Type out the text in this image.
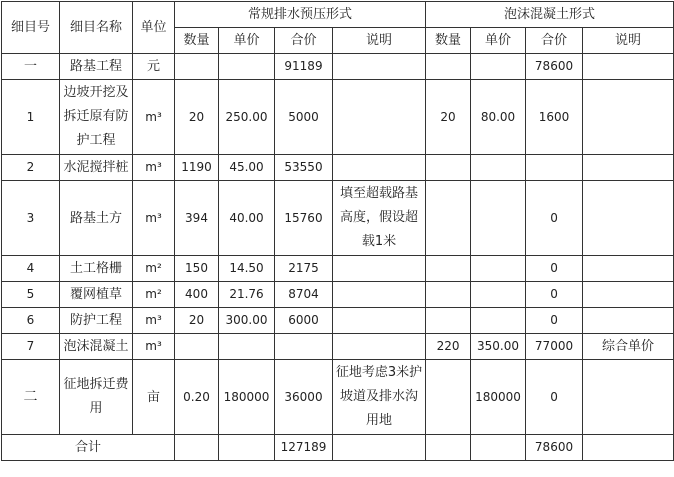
细目号	细目名称	单位	常规排水预压形式				泡沫混凝土形式			
			数量	单价	合价	说明	数量	单价	合价	说明
一	路基工程	元			91189				78600	
1	边坡开挖及拆迁原有防护工程	m³	20	250.00	5000		20	80.00	1600	
2	水泥搅拌桩	m³	1190	45.00	53550					
3	路基土方	m³	394	40.00	15760	填至超载路基高度，假设超载1米			0	
4	土工格栅	m²	150	14.50	2175				0	
5	覆网植草	m²	400	21.76	8704				0	
6	防护工程	m³	20	300.00	6000				0	
7	泡沫混凝土	m³					220	350.00	77000	综合单价
二	征地拆迁费用	亩	0.20	180000	36000	征地考虑3米护坡道及排水沟用地		180000	0	
合计					127189				78600	
